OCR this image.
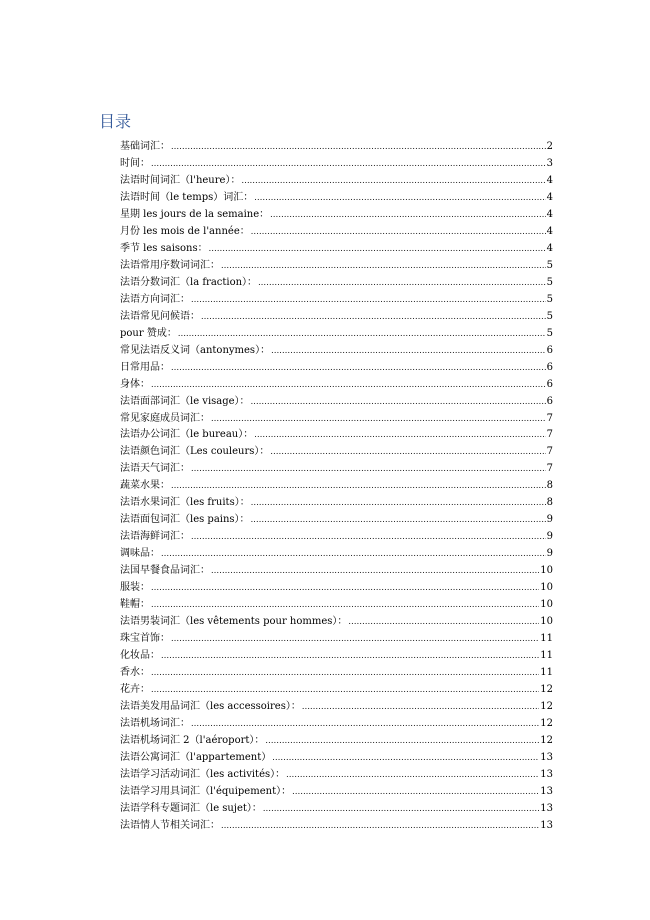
目录
基础词汇： .....	2
时间： .....	3
法语时间词汇（l'heure）： .....	4
法语时间（le temps）词汇： .....	4
星期 les jours de la semaine： .....	4
月份 les mois de l'année： .....	4
季节 les saisons： .....	4
法语常用序数词词汇： .....	5
法语分数词汇（la fraction）： .....	5
法语方向词汇： .....	5
法语常见问候语： .....	5
pour 赞成： .....	5
常见法语反义词（antonymes）： .....	6
日常用品： .....	6
身体： .....	6
法语面部词汇（le visage）： .....	6
常见家庭成员词汇： .....	7
法语办公词汇（le bureau）： .....	7
法语颜色词汇（Les couleurs）： .....	7
法语天气词汇： .....	7
蔬菜水果： .....	8
法语水果词汇（les fruits）： .....	8
法语面包词汇（les pains）： .....	9
法语海鲜词汇： .....	9
调味品： .....	9
法国早餐食品词汇： .....	10
服装： .....	10
鞋帽： .....	10
法语男装词汇（les vêtements pour hommes）： .....	10
珠宝首饰： .....	11
化妆品： .....	11
香水： .....	11
花卉： .....	12
法语美发用品词汇（les accessoires）： .....	12
法语机场词汇： .....	12
法语机场词汇 2（l'aéroport）： .....	12
法语公寓词汇（l'appartement） .....	13
法语学习活动词汇（les activités）： .....	13
法语学习用具词汇（l'équipement）： .....	13
法语学科专题词汇（le sujet）： .....	13
法语情人节相关词汇： .....	13
